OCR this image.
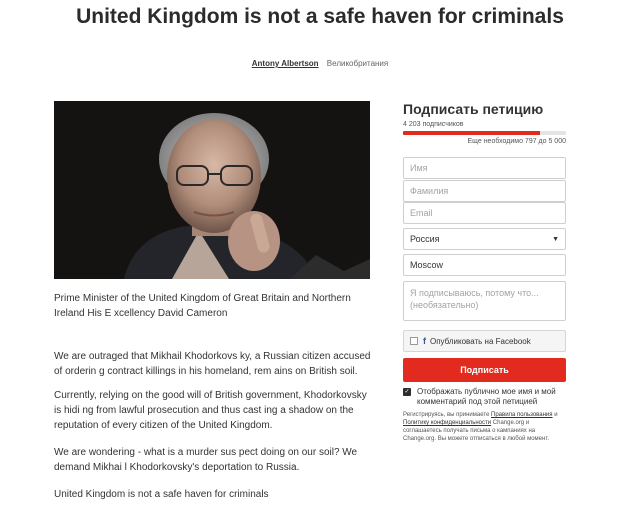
United Kingdom is not a safe haven for criminals
Antony Albertson Великобритания
Prime Minister of the United Kingdom of Great Britain and Northern Ireland His E xcellency David Cameron
We are outraged that Mikhail Khodorkovs ky, a Russian citizen accused of orderin g contract killings in his homeland, rem ains on British soil.
Currently, relying on the good will of British government, Khodorkovsky is hidi ng from lawful prosecution and thus cast ing a shadow on the reputation of every citizen of the United Kingdom.
We are wondering - what is a murder sus pect doing on our soil? We demand Mikhai l Khodorkovsky's deportation to Russia.
United Kingdom is not a safe haven for criminals
Подписать петицию
4 203 подписчиков
Еще необходимо 797 до 5 000
Имя
Фамилия
Email
Россия	▼
Moscow
Я подписываюсь, потому что... (необязательно)
f Опубликовать на Facebook
Подписать
✓ Отображать публично мое имя и мой комментарий под этой петицией
Регистрируясь, вы принимаете Правила пользования и Политику конфиденциальности Change.org и соглашаетесь получать письма о кампаниях на Change.org. Вы можете отписаться в любой момент.
